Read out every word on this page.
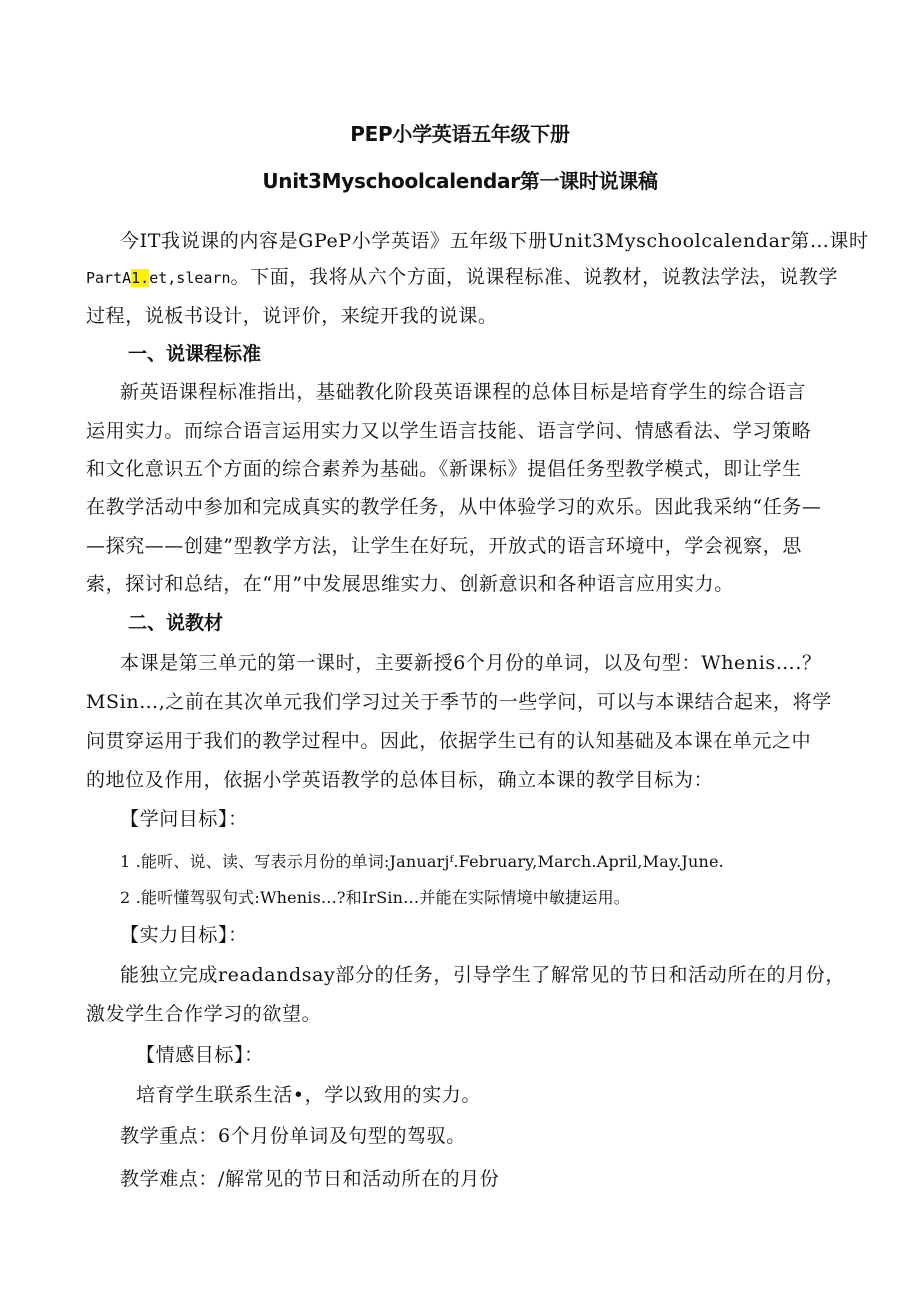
PEP小学英语五年级下册
Unit3Myschoolcalendar第一课时说课稿
今IT我说课的内容是GPeP小学英语》五年级下册Unit3Myschoolcalendar第…课时
PartA1.et,slearn。下面，我将从六个方面，说课程标准、说教材，说教法学法，说教学
过程，说板书设计，说评价，来绽开我的说课。
一、说课程标准
新英语课程标准指出，基础教化阶段英语课程的总体目标是培育学生的综合语言
运用实力。而综合语言运用实力又以学生语言技能、语言学问、情感看法、学习策略
和文化意识五个方面的综合素养为基础。《新课标》提倡任务型教学模式，即让学生
在教学活动中参加和完成真实的教学任务，从中体验学习的欢乐。因此我采纳“任务—
—探究——创建”型教学方法，让学生在好玩，开放式的语言环境中，学会视察，思
索，探讨和总结，在“用”中发展思维实力、创新意识和各种语言应用实力。
二、说教材
本课是第三单元的第一课时，主要新授6个月份的单词，以及句型：Whenis….？
MSin…,之前在其次单元我们学习过关于季节的一些学问，可以与本课结合起来，将学
问贯穿运用于我们的教学过程中。因此，依据学生已有的认知基础及本课在单元之中
的地位及作用，依据小学英语教学的总体目标，确立本课的教学目标为：
【学问目标】：
1 .能听、说、读、写表示月份的单词:Januarjᶠ.February,March.April,May.June.
2 .能听懂驾驭句式:Whenis...?和IrSin…并能在实际情境中敏捷运用。
【实力目标】：
能独立完成readandsay部分的任务，引导学生了解常见的节日和活动所在的月份，
激发学生合作学习的欲望。
【情感目标】：
培育学生联系生活•，学以致用的实力。
教学重点：6个月份单词及句型的驾驭。
教学难点：/解常见的节日和活动所在的月份
